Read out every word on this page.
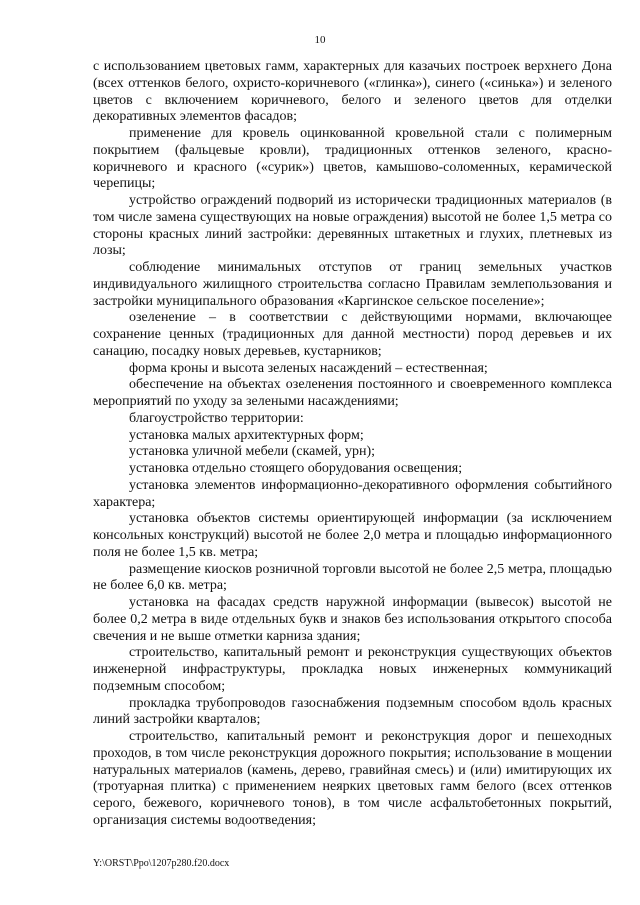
10

с использованием цветовых гамм, характерных для казачьих построек верхнего Дона (всех оттенков белого, охристо-коричневого («глинка»), синего («синька») и зеленого цветов с включением коричневого, белого и зеленого цветов для отделки декоративных элементов фасадов;

применение для кровель оцинкованной кровельной стали с полимерным покрытием (фальцевые кровли), традиционных оттенков зеленого, красно-коричневого и красного («сурик») цветов, камышово-соломенных, керамической черепицы;

устройство ограждений подворий из исторически традиционных материалов (в том числе замена существующих на новые ограждения) высотой не более 1,5 метра со стороны красных линий застройки: деревянных штакетных и глухих, плетневых из лозы;

соблюдение минимальных отступов от границ земельных участков индивидуального жилищного строительства согласно Правилам землепользования и застройки муниципального образования «Каргинское сельское поселение»;

озеленение – в соответствии с действующими нормами, включающее сохранение ценных (традиционных для данной местности) пород деревьев и их санацию, посадку новых деревьев, кустарников;

форма кроны и высота зеленых насаждений – естественная;

обеспечение на объектах озеленения постоянного и своевременного комплекса мероприятий по уходу за зелеными насаждениями;

благоустройство территории:

установка малых архитектурных форм;

установка уличной мебели (скамей, урн);

установка отдельно стоящего оборудования освещения;

установка элементов информационно-декоративного оформления событийного характера;

установка объектов системы ориентирующей информации (за исключением консольных конструкций) высотой не более 2,0 метра и площадью информационного поля не более 1,5 кв. метра;

размещение киосков розничной торговли высотой не более 2,5 метра, площадью не более 6,0 кв. метра;

установка на фасадах средств наружной информации (вывесок) высотой не более 0,2 метра в виде отдельных букв и знаков без использования открытого способа свечения и не выше отметки карниза здания;

строительство, капитальный ремонт и реконструкция существующих объектов инженерной инфраструктуры, прокладка новых инженерных коммуникаций подземным способом;

прокладка трубопроводов газоснабжения подземным способом вдоль красных линий застройки кварталов;

строительство, капитальный ремонт и реконструкция дорог и пешеходных проходов, в том числе реконструкция дорожного покрытия; использование в мощении натуральных материалов (камень, дерево, гравийная смесь) и (или) имитирующих их (тротуарная плитка) с применением неярких цветовых гамм белого (всех оттенков серого, бежевого, коричневого тонов), в том числе асфальтобетонных покрытий, организация системы водоотведения;

Y:\ORST\Ppo\1207p280.f20.docx
